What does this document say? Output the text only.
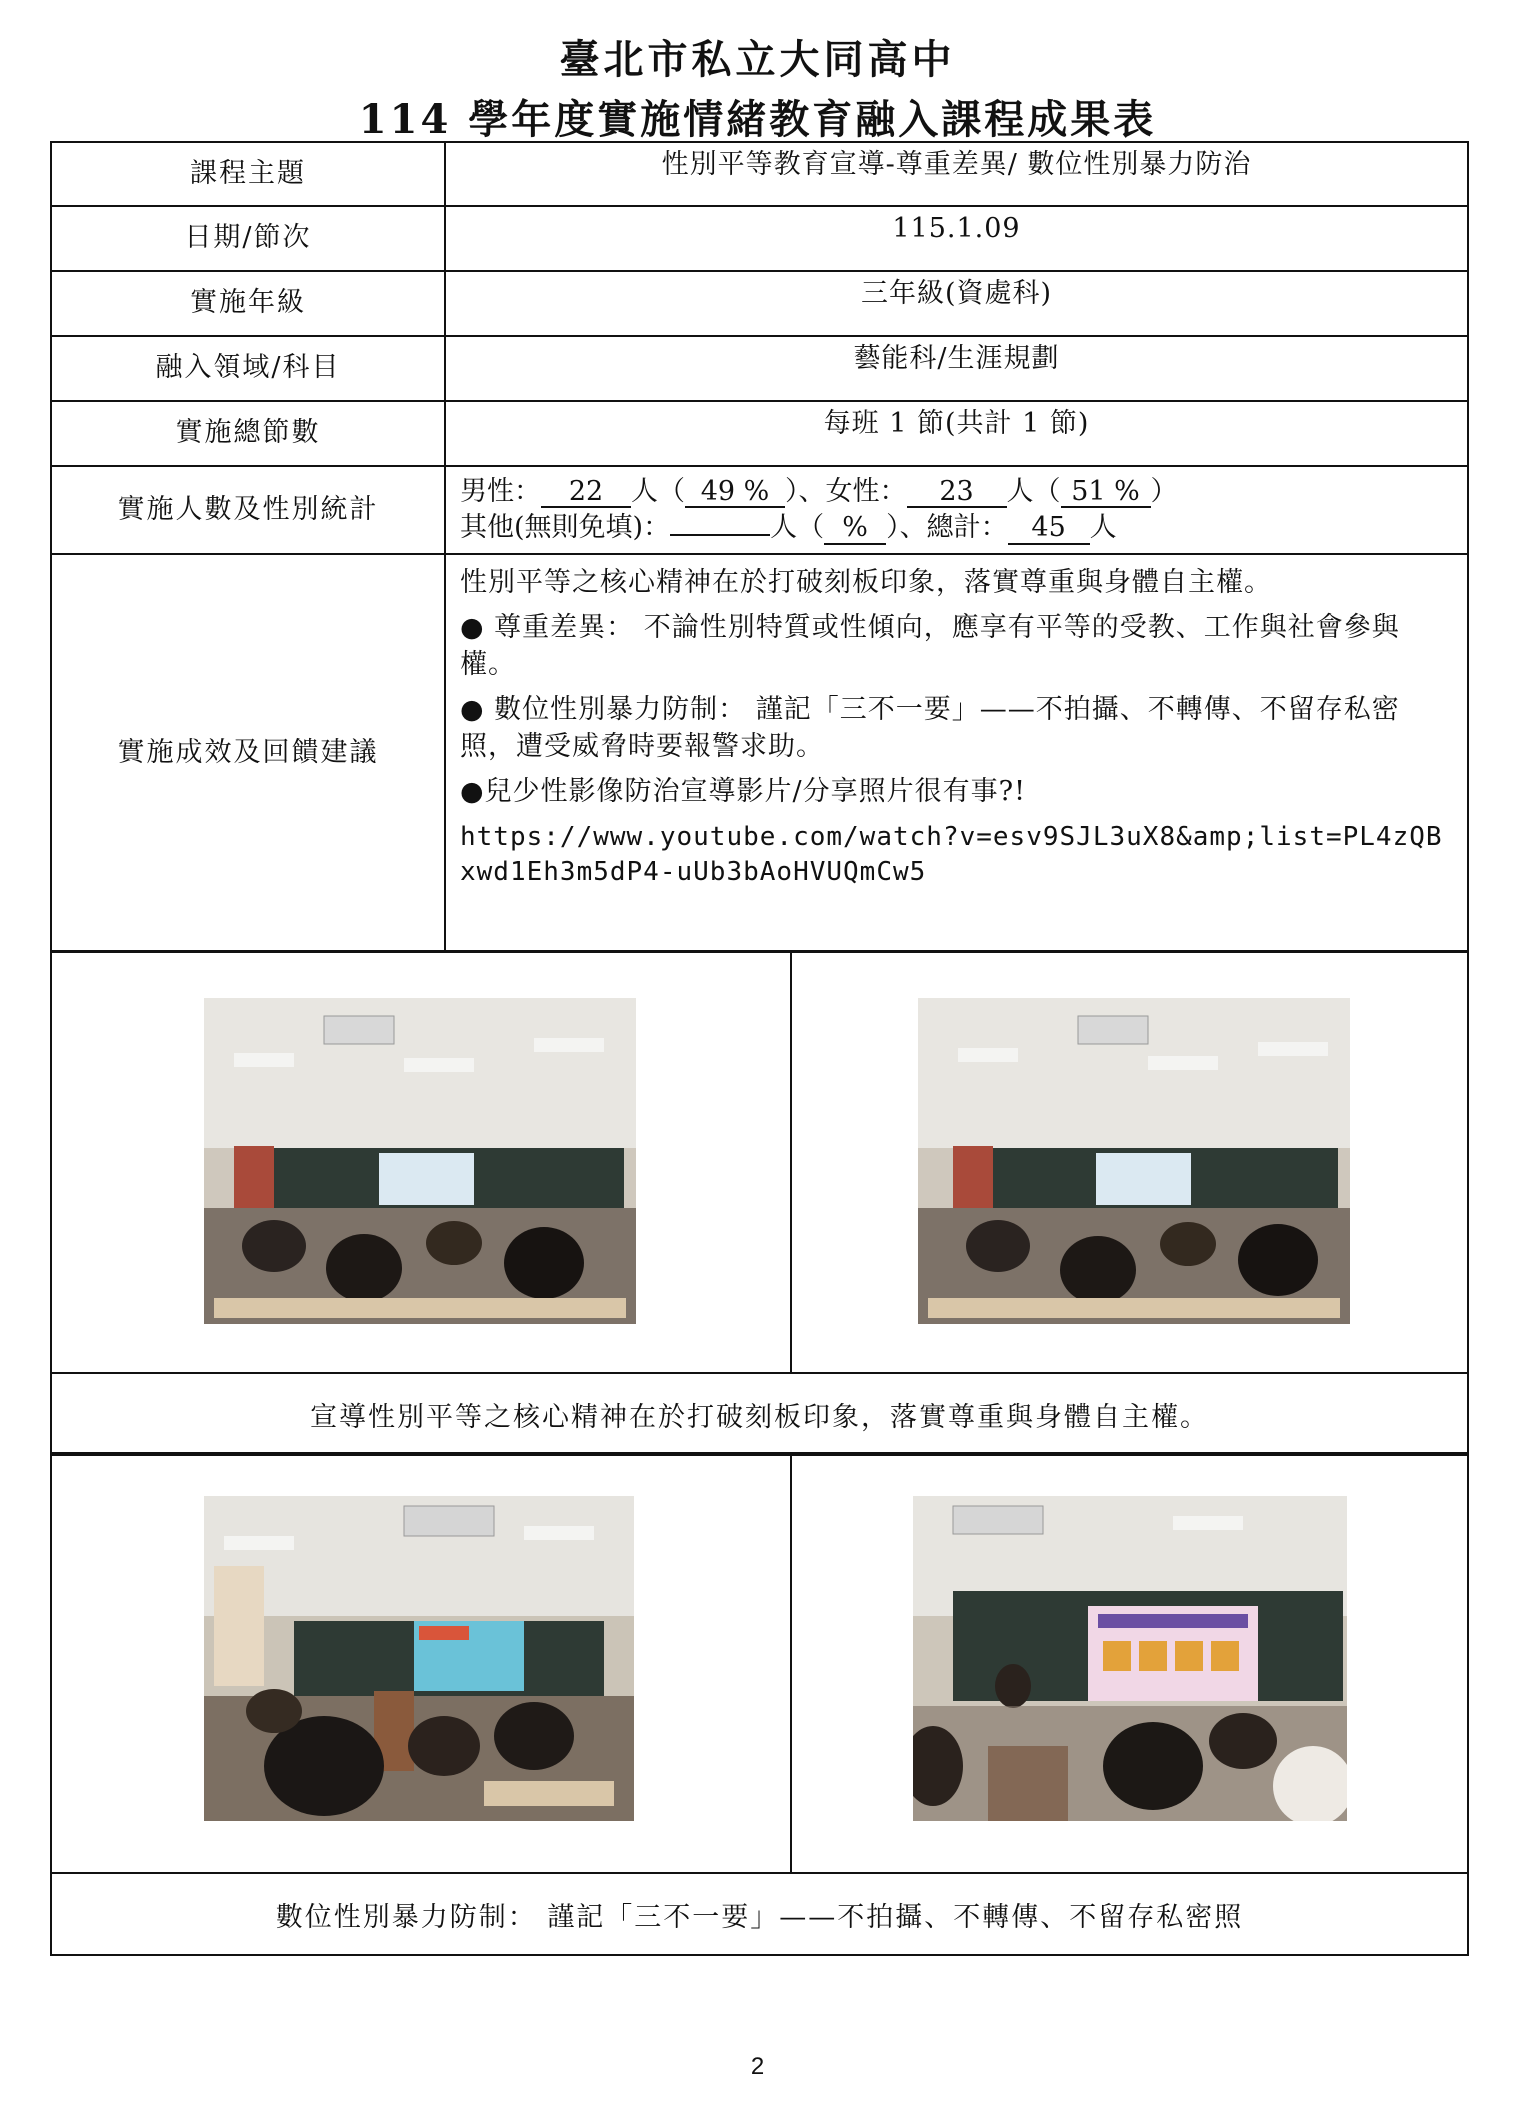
臺北市私立大同高中
114 學年度實施情緒教育融入課程成果表
課程主題	性別平等教育宣導-尊重差異/ 數位性別暴力防治
日期/節次	115.1.09
實施年級	三年級(資處科)
融入領域/科目	藝能科/生涯規劃
實施總節數	每班 1 節(共計 1 節)
實施人數及性別統計	男性： 22 人（ 49 % ）、女性： 23 人（ 51 % ）
其他(無則免填)： 人（ % ）、總計： 45 人

實施成效及回饋建議	性別平等之核心精神在於打破刻板印象，落實尊重與身體自主權。

● 尊重差異： 不論性別特質或性傾向，應享有平等的受教、工作與社會參與權。

● 數位性別暴力防制： 謹記「三不一要」——不拍攝、不轉傳、不留存私密照，遭受威脅時要報警求助。

●兒少性影像防治宣導影片/分享照片很有事?!

https://www.youtube.com/watch?v=esv9SJL3uX8&amp;list=PL4zQBxwd1Eh3m5dP4-uUb3bAoHVUQmCw5

宣導性別平等之核心精神在於打破刻板印象，落實尊重與身體自主權。

數位性別暴力防制： 謹記「三不一要」——不拍攝、不轉傳、不留存私密照
2
